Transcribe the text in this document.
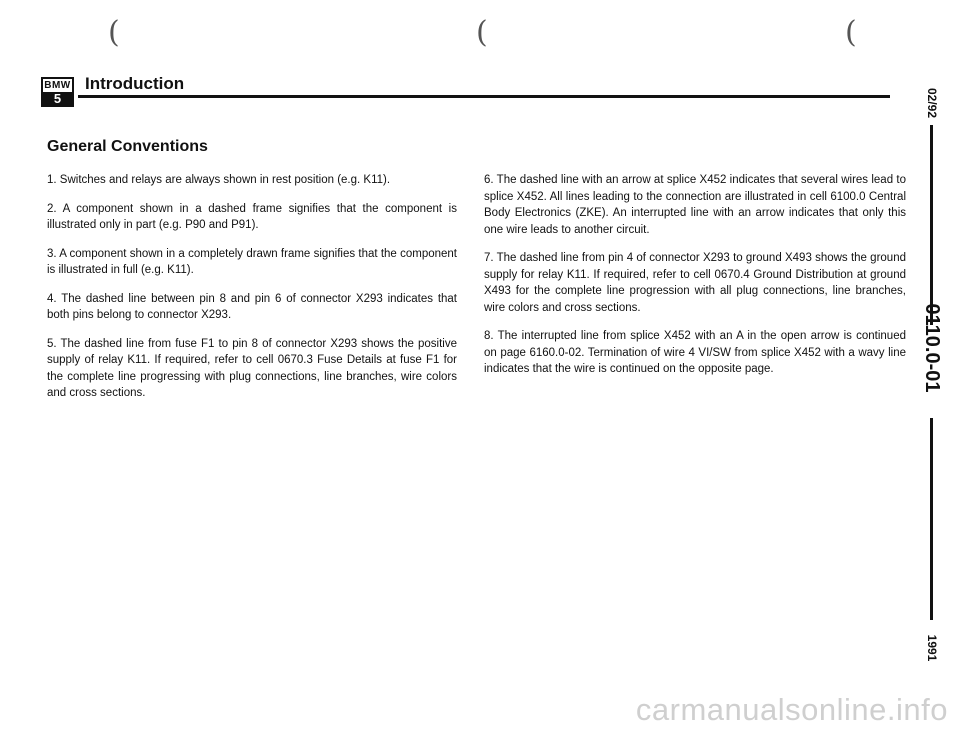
(	(	(
BMW
5
Introduction
General Conventions

1. Switches and relays are always shown in rest position (e.g. K11).

2. A component shown in a dashed frame signifies that the component is illustrated only in part (e.g. P90 and P91).

3. A component shown in a completely drawn frame signifies that the component is illustrated in full (e.g. K11).

4. The dashed line between pin 8 and pin 6 of connector X293 indicates that both pins belong to connector X293.

5. The dashed line from fuse F1 to pin 8 of connector X293 shows the positive supply of relay K11. If required, refer to cell 0670.3 Fuse Details at fuse F1 for the complete line progressing with plug connections, line branches, wire colors and cross sections.

6. The dashed line with an arrow at splice X452 indicates that several wires lead to splice X452. All lines leading to the connection are illustrated in cell 6100.0 Central Body Electronics (ZKE). An interrupted line with an arrow indicates that only this one wire leads to another circuit.

7. The dashed line from pin 4 of connector X293 to ground X493 shows the ground supply for relay K11. If required, refer to cell 0670.4 Ground Distribution at ground X493 for the complete line progression with all plug connections, line branches, wire colors and cross sections.

8. The interrupted line from splice X452 with an A in the open arrow is continued on page 6160.0-02. Termination of wire 4 VI/SW from splice X452 with a wavy line indicates that the wire is continued on the opposite page.

02/92
0110.0-01
1991
carmanualsonline.info
